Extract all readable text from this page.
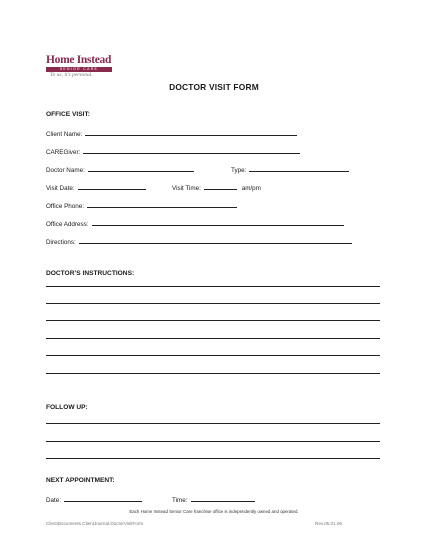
Home Instead
SENIOR CARE
To us, it's personal.
DOCTOR VISIT FORM
OFFICE VISIT:
Client Name:
CAREGiver:
Doctor Name:	Type:
Visit Date:	Visit Time:	am/pm
Office Phone:
Office Address:
Directions:
DOCTOR’S INSTRUCTIONS:
FOLLOW UP:
NEXT APPOINTMENT:
Date:	Time:
Each Home Instead Senior Care franchise office is independently owned and operated.
ClientDocuments.ClientJournal.DoctorVisitForm	Rev.05.01.06
